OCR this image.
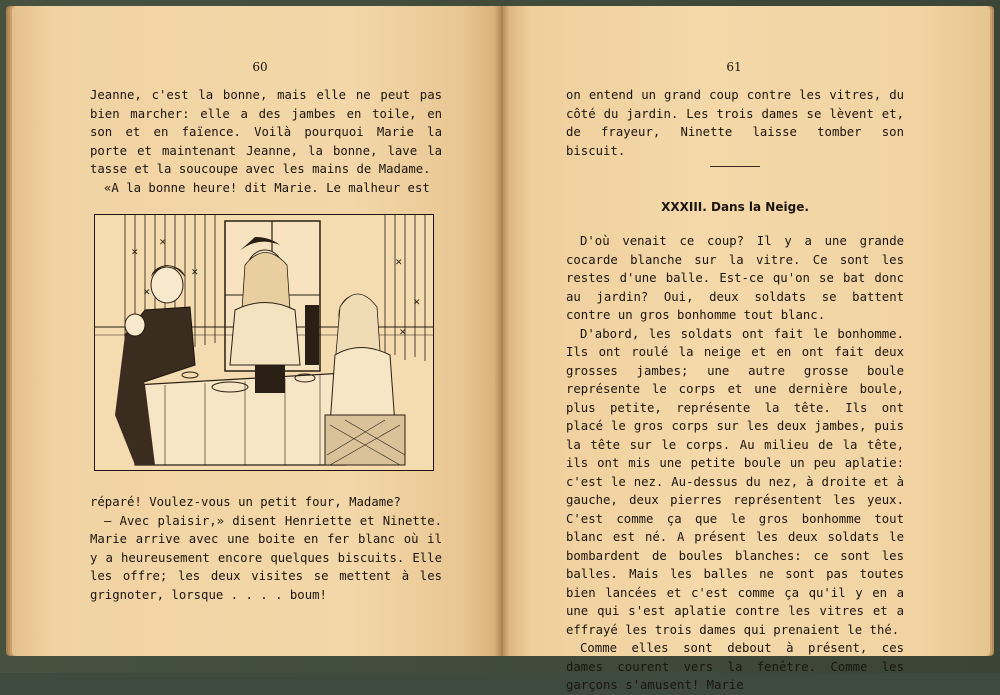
60

Jeanne, c'est la bonne, mais elle ne peut pas bien marcher: elle a des jambes en toile, en son et en faïence. Voilà pourquoi Marie la porte et maintenant Jeanne, la bonne, lave la tasse et la soucoupe avec les mains de Madame.

«A la bonne heure! dit Marie. Le malheur est

✕
✕
✕
✕
✕
✕
✕

réparé! Voulez-vous un petit four, Madame?

— Avec plaisir,» disent Henriette et Ninette. Marie arrive avec une boite en fer blanc où il y a heureusement encore quelques biscuits. Elle les offre; les deux visites se mettent à les grignoter, lorsque . . . . boum!

61

on entend un grand coup contre les vitres, du côté du jardin. Les trois dames se lèvent et, de frayeur, Ninette laisse tomber son biscuit.

XXXIII. Dans la Neige.

D'où venait ce coup? Il y a une grande cocarde blanche sur la vitre. Ce sont les restes d'une balle. Est-ce qu'on se bat donc au jardin? Oui, deux soldats se battent contre un gros bonhomme tout blanc.

D'abord, les soldats ont fait le bonhomme. Ils ont roulé la neige et en ont fait deux grosses jambes; une autre grosse boule représente le corps et une dernière boule, plus petite, représente la tête. Ils ont placé le gros corps sur les deux jambes, puis la tête sur le corps. Au milieu de la tête, ils ont mis une petite boule un peu aplatie: c'est le nez. Au-dessus du nez, à droite et à gauche, deux pierres représentent les yeux. C'est comme ça que le gros bonhomme tout blanc est né. A présent les deux soldats le bombardent de boules blanches: ce sont les balles. Mais les balles ne sont pas toutes bien lancées et c'est comme ça qu'il y en a une qui s'est aplatie contre les vitres et a effrayé les trois dames qui prenaient le thé.

Comme elles sont debout à présent, ces dames courent vers la fenêtre. Comme les garçons s'amusent! Marie
